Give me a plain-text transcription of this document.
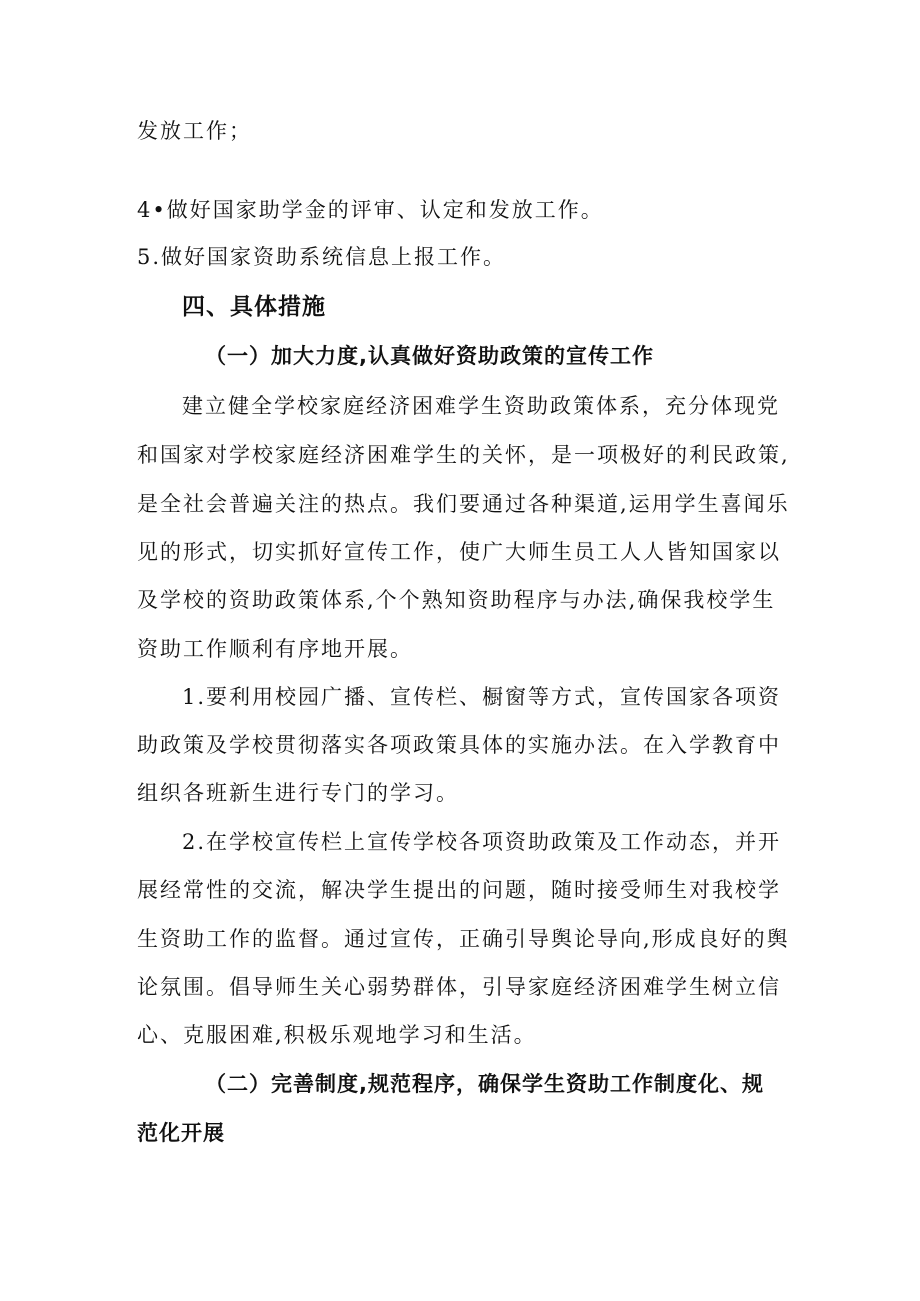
发放工作；
4•做好国家助学金的评审、认定和发放工作。
5.做好国家资助系统信息上报工作。
四、具体措施
（一）加大力度,认真做好资助政策的宣传工作
建立健全学校家庭经济困难学生资助政策体系，充分体现党
和国家对学校家庭经济困难学生的关怀，是一项极好的利民政策,
是全社会普遍关注的热点。我们要通过各种渠道,运用学生喜闻乐
见的形式，切实抓好宣传工作，使广大师生员工人人皆知国家以
及学校的资助政策体系,个个熟知资助程序与办法,确保我校学生
资助工作顺利有序地开展。
1.要利用校园广播、宣传栏、橱窗等方式，宣传国家各项资
助政策及学校贯彻落实各项政策具体的实施办法。在入学教育中
组织各班新生进行专门的学习。
2.在学校宣传栏上宣传学校各项资助政策及工作动态，并开
展经常性的交流，解决学生提出的问题，随时接受师生对我校学
生资助工作的监督。通过宣传，正确引导舆论导向,形成良好的舆
论氛围。倡导师生关心弱势群体，引导家庭经济困难学生树立信
心、克服困难,积极乐观地学习和生活。
（二）完善制度,规范程序，确保学生资助工作制度化、规
范化开展
